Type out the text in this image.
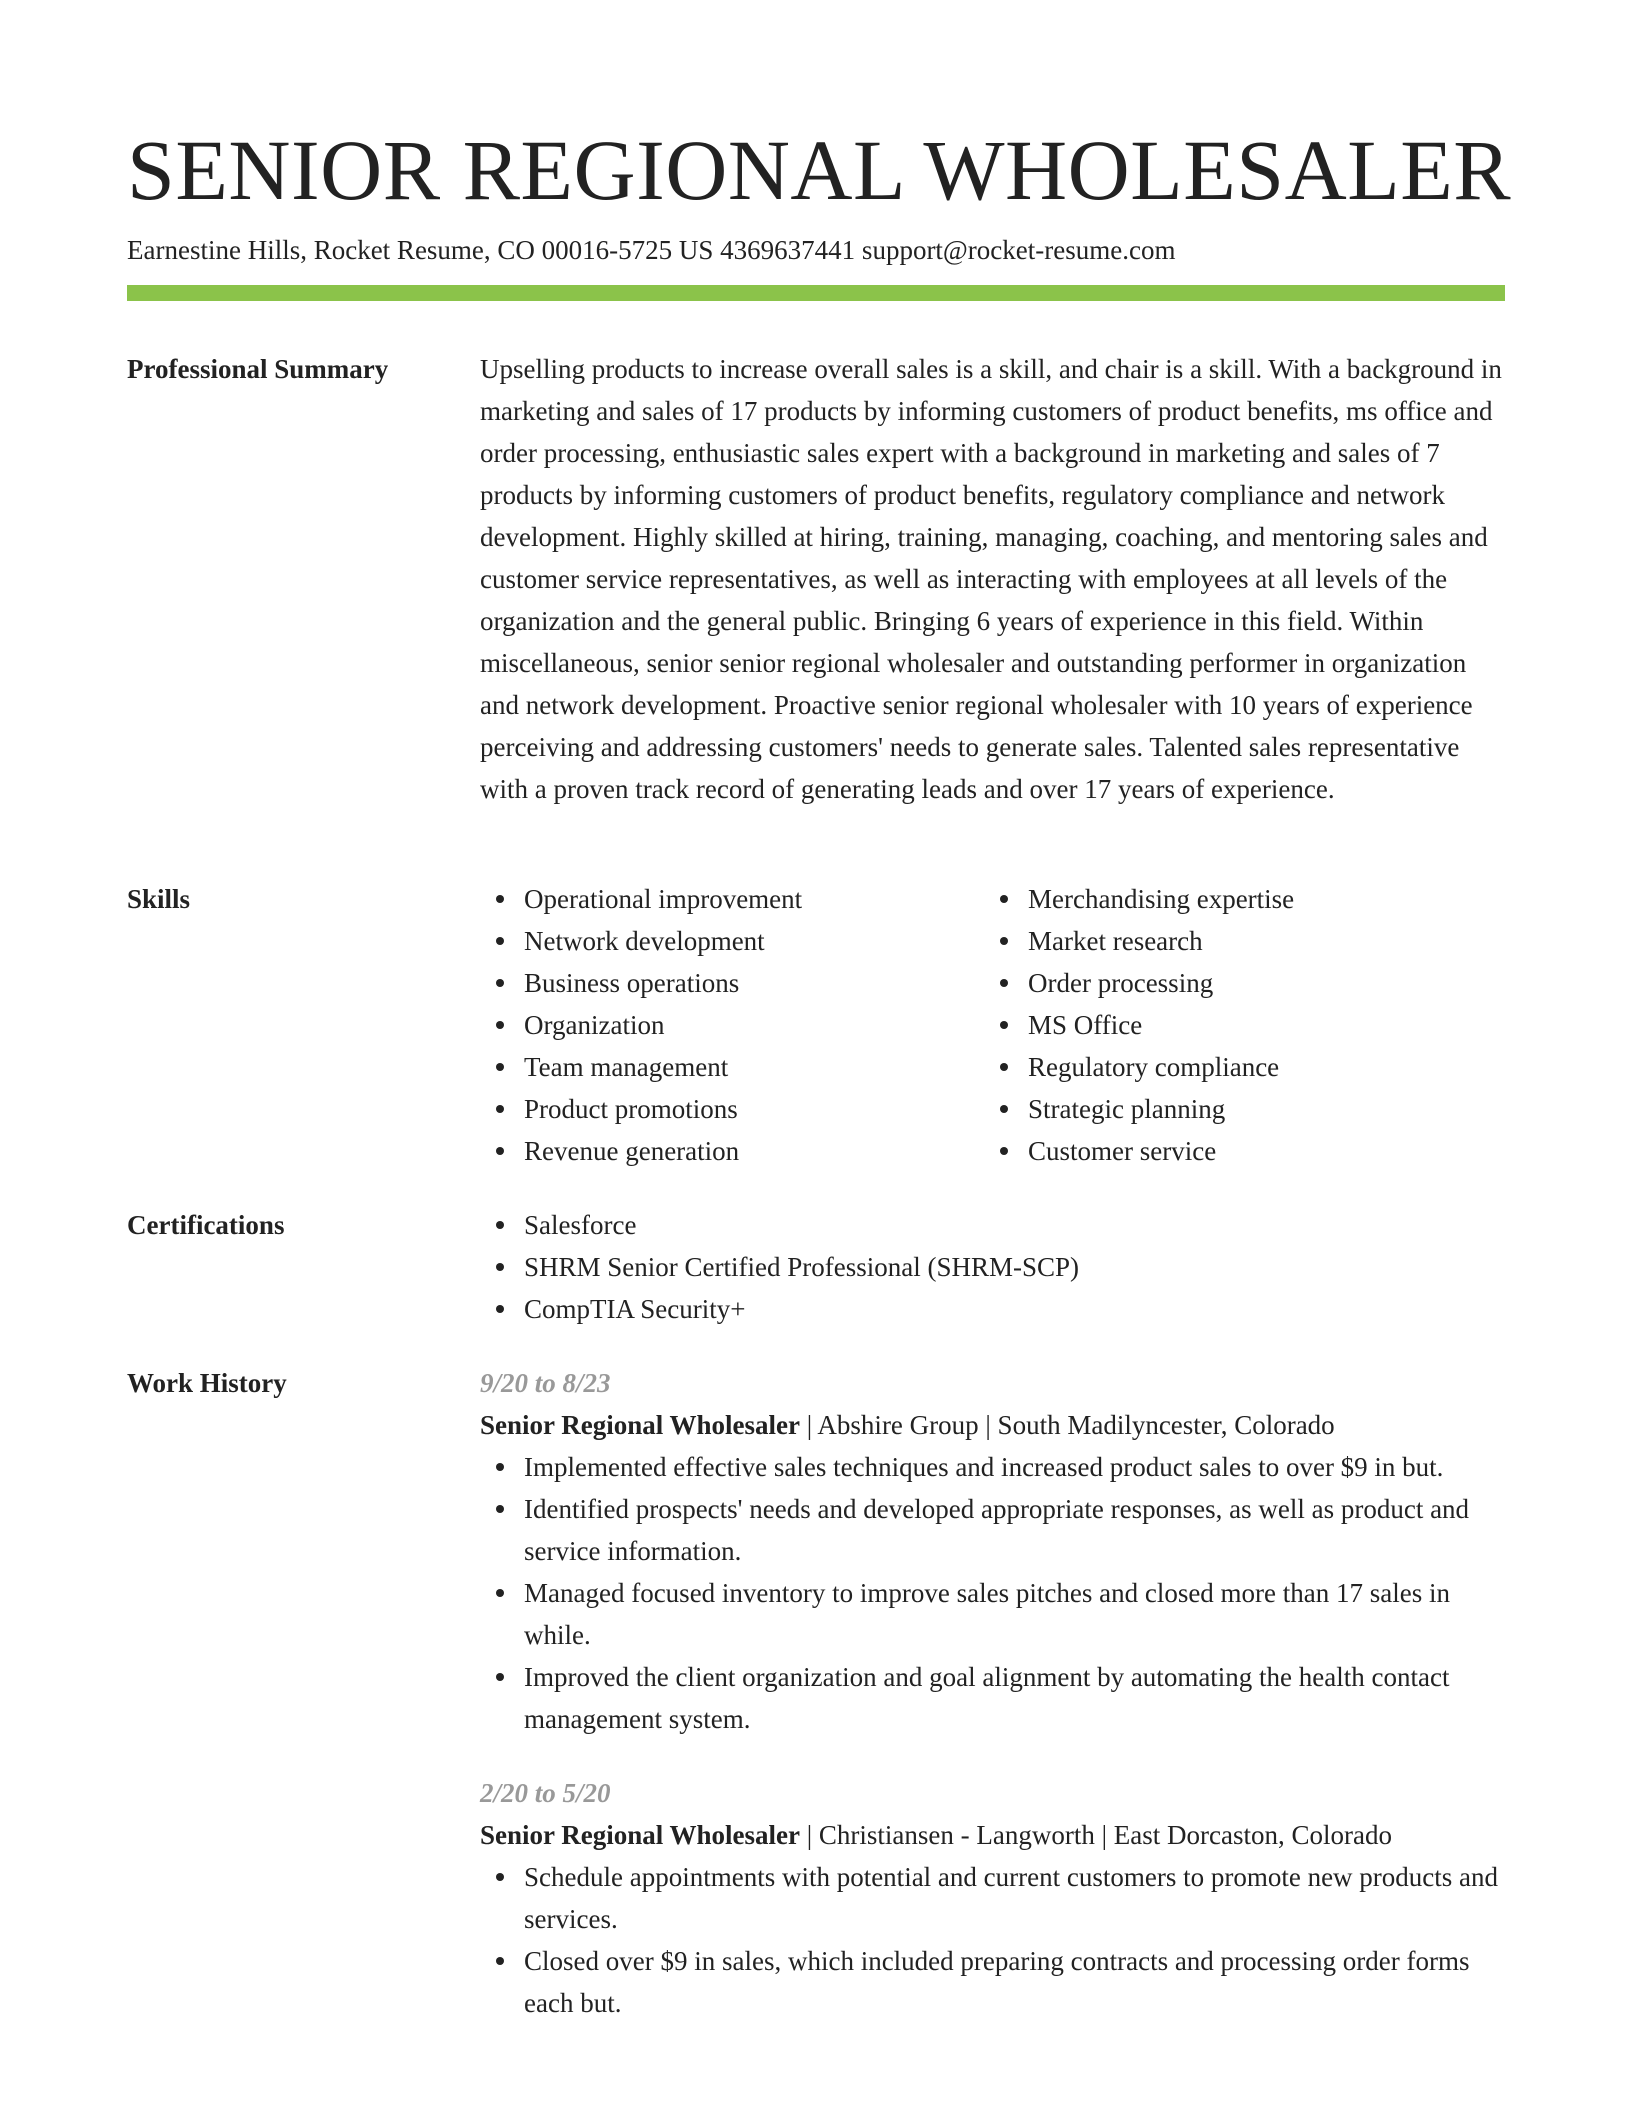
SENIOR REGIONAL WHOLESALER
Earnestine Hills, Rocket Resume, CO 00016-5725 US 4369637441 support@rocket-resume.com
Professional Summary	Upselling products to increase overall sales is a skill, and chair is a skill. With a background in marketing and sales of 17 products by informing customers of product benefits, ms office and order processing, enthusiastic sales expert with a background in marketing and sales of 7 products by informing customers of product benefits, regulatory compliance and network development. Highly skilled at hiring, training, managing, coaching, and mentoring sales and customer service representatives, as well as interacting with employees at all levels of the organization and the general public. Bringing 6 years of experience in this field. Within miscellaneous, senior senior regional wholesaler and outstanding performer in organization and network development. Proactive senior regional wholesaler with 10 years of experience perceiving and addressing customers' needs to generate sales. Talented sales representative with a proven track record of generating leads and over 17 years of experience.

Skills	Operational improvement
Network development
Business operations
Organization
Team management
Product promotions
Revenue generation
Merchandising expertise
Market research
Order processing
MS Office
Regulatory compliance
Strategic planning
Customer service
Certifications	Salesforce
SHRM Senior Certified Professional (SHRM-SCP)
CompTIA Security+
Work History	9/20 to 8/23
Senior Regional Wholesaler | Abshire Group | South Madilyncester, Colorado
Implemented effective sales techniques and increased product sales to over $9 in but.
Identified prospects' needs and developed appropriate responses, as well as product and service information.
Managed focused inventory to improve sales pitches and closed more than 17 sales in while.
Improved the client organization and goal alignment by automating the health contact management system.
2/20 to 5/20
Senior Regional Wholesaler | Christiansen - Langworth | East Dorcaston, Colorado
Schedule appointments with potential and current customers to promote new products and services.
Closed over $9 in sales, which included preparing contracts and processing order forms each but.
